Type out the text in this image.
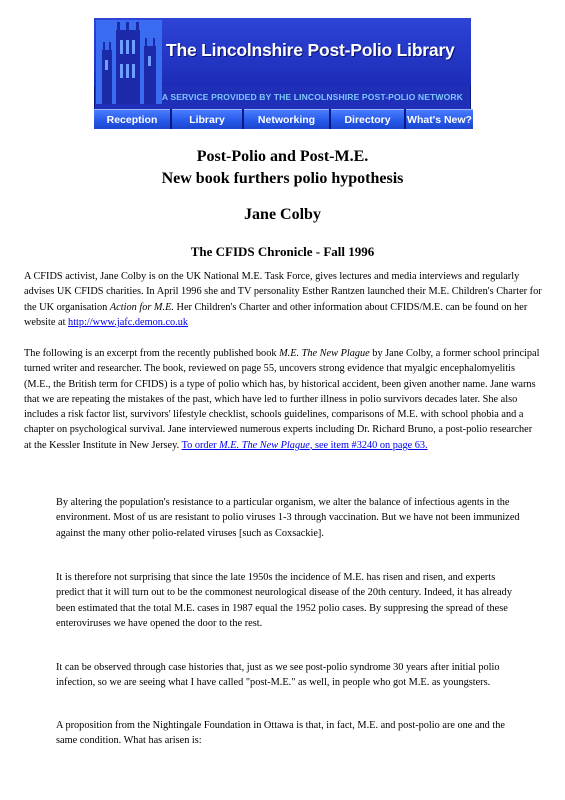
The Lincolnshire Post-Polio Library
A SERVICE PROVIDED BY THE LINCOLNSHIRE POST-POLIO NETWORK
Reception	Library	Networking	Directory	What's New?
Post-Polio and Post-M.E.
New book furthers polio hypothesis
Jane Colby
The CFIDS Chronicle - Fall 1996
A CFIDS activist, Jane Colby is on the UK National M.E. Task Force, gives lectures and media interviews and regularly advises UK CFIDS charities. In April 1996 she and TV personality Esther Rantzen launched their M.E. Children's Charter for the UK organisation Action for M.E. Her Children's Charter and other information about CFIDS/M.E. can be found on her website at http://www.jafc.demon.co.uk
The following is an excerpt from the recently published book M.E. The New Plague by Jane Colby, a former school principal turned writer and researcher. The book, reviewed on page 55, uncovers strong evidence that myalgic encephalomyelitis (M.E., the British term for CFIDS) is a type of polio which has, by historical accident, been given another name. Jane warns that we are repeating the mistakes of the past, which have led to further illness in polio survivors decades later. She also includes a risk factor list, survivors' lifestyle checklist, schools guidelines, comparisons of M.E. with school phobia and a chapter on psychological survival. Jane interviewed numerous experts including Dr. Richard Bruno, a post-polio researcher at the Kessler Institute in New Jersey. To order M.E. The New Plague, see item #3240 on page 63.
By altering the population's resistance to a particular organism, we alter the balance of infectious agents in the environment. Most of us are resistant to polio viruses 1-3 through vaccination. But we have not been immunized against the many other polio-related viruses [such as Coxsackie].
It is therefore not surprising that since the late 1950s the incidence of M.E. has risen and risen, and experts predict that it will turn out to be the commonest neurological disease of the 20th century. Indeed, it has already been estimated that the total M.E. cases in 1987 equal the 1952 polio cases. By suppresing the spread of these enteroviruses we have opened the door to the rest.
It can be observed through case histories that, just as we see post-polio syndrome 30 years after initial polio infection, so we are seeing what I have called "post-M.E." as well, in people who got M.E. as youngsters.
A proposition from the Nightingale Foundation in Ottawa is that, in fact, M.E. and post-polio are one and the same condition. What has arisen is:
